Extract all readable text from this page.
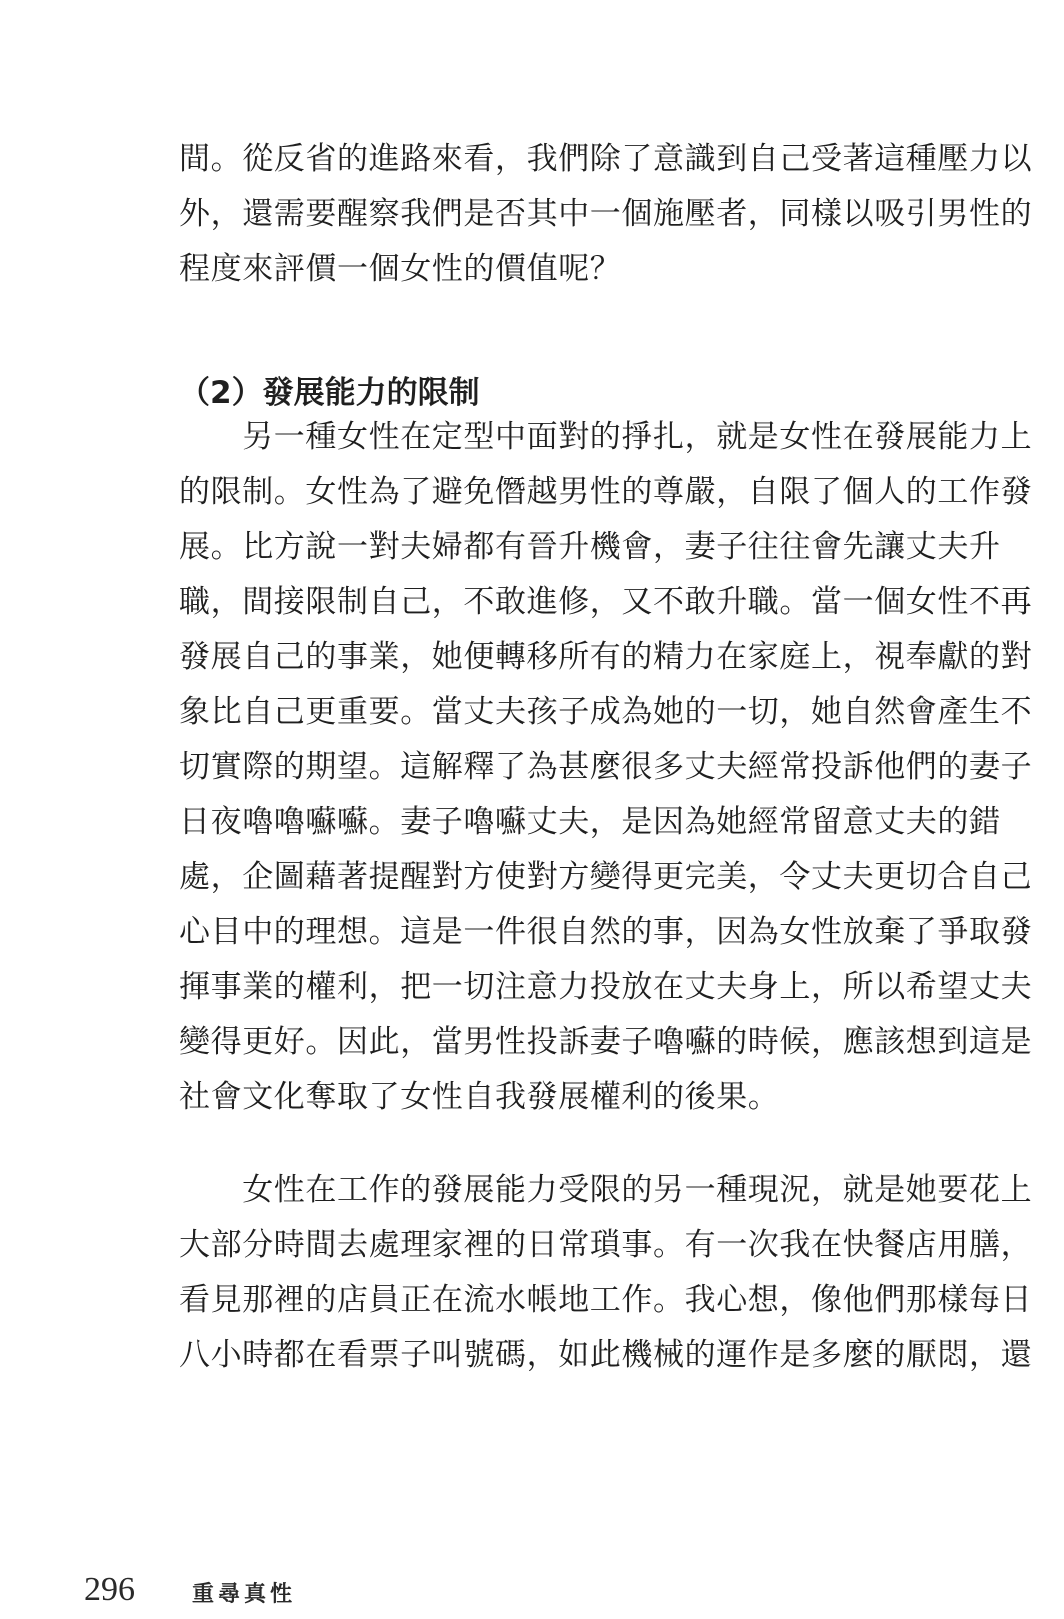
間。從反省的進路來看，我們除了意識到自己受著這種壓力以
外，還需要醒察我們是否其中一個施壓者，同樣以吸引男性的
程度來評價一個女性的價值呢？
（2）發展能力的限制
　　另一種女性在定型中面對的掙扎，就是女性在發展能力上
的限制。女性為了避免僭越男性的尊嚴，自限了個人的工作發
展。比方說一對夫婦都有晉升機會，妻子往往會先讓丈夫升
職，間接限制自己，不敢進修，又不敢升職。當一個女性不再
發展自己的事業，她便轉移所有的精力在家庭上，視奉獻的對
象比自己更重要。當丈夫孩子成為她的一切，她自然會產生不
切實際的期望。這解釋了為甚麼很多丈夫經常投訴他們的妻子
日夜嚕嚕囌囌。妻子嚕囌丈夫，是因為她經常留意丈夫的錯
處，企圖藉著提醒對方使對方變得更完美，令丈夫更切合自己
心目中的理想。這是一件很自然的事，因為女性放棄了爭取發
揮事業的權利，把一切注意力投放在丈夫身上，所以希望丈夫
變得更好。因此，當男性投訴妻子嚕囌的時候，應該想到這是
社會文化奪取了女性自我發展權利的後果。
　　女性在工作的發展能力受限的另一種現況，就是她要花上
大部分時間去處理家裡的日常瑣事。有一次我在快餐店用膳，
看見那裡的店員正在流水帳地工作。我心想，像他們那樣每日
八小時都在看票子叫號碼，如此機械的運作是多麼的厭悶，還
296	重尋真性
